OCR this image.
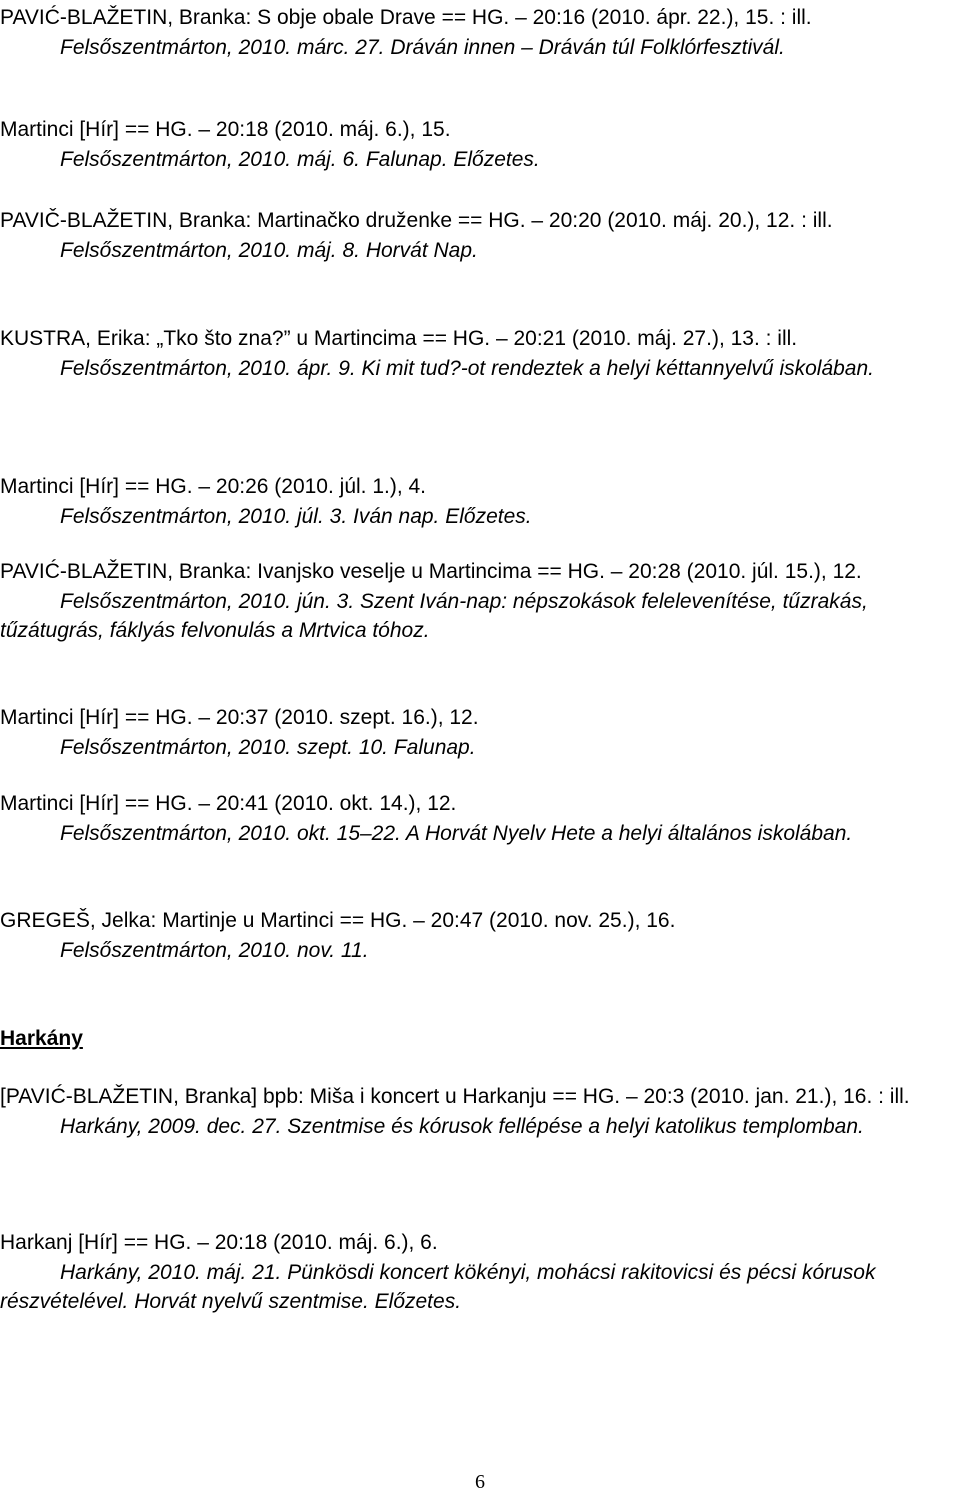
PAVIĆ-BLAŽETIN, Branka: S obje obale Drave == HG. – 20:16 (2010. ápr. 22.), 15. : ill.
Felsőszentmárton, 2010. márc. 27. Dráván innen – Dráván túl Folklórfesztivál.
Martinci [Hír] == HG. – 20:18 (2010. máj. 6.), 15.
Felsőszentmárton, 2010. máj. 6. Falunap. Előzetes.
PAVIČ-BLAŽETIN, Branka: Martinačko druženke == HG. – 20:20 (2010. máj. 20.), 12. : ill.
Felsőszentmárton, 2010. máj. 8. Horvát Nap.
KUSTRA, Erika: „Tko što zna?” u Martincima == HG. – 20:21 (2010. máj. 27.), 13. : ill.
Felsőszentmárton, 2010. ápr. 9. Ki mit tud?-ot rendeztek a helyi kéttannyelvű iskolában.
Martinci [Hír] == HG. – 20:26 (2010. júl. 1.), 4.
Felsőszentmárton, 2010. júl. 3. Iván nap. Előzetes.
PAVIĆ-BLAŽETIN, Branka: Ivanjsko veselje u Martincima == HG. – 20:28 (2010. júl. 15.), 12.
Felsőszentmárton, 2010. jún. 3. Szent Iván-nap: népszokások felelevenítése, tűzrakás, tűzátugrás, fáklyás felvonulás a Mrtvica tóhoz.
Martinci [Hír] == HG. – 20:37 (2010. szept. 16.), 12.
Felsőszentmárton, 2010. szept. 10. Falunap.
Martinci [Hír] == HG. – 20:41 (2010. okt. 14.), 12.
Felsőszentmárton, 2010. okt. 15–22. A Horvát Nyelv Hete a helyi általános iskolában.
GREGEŠ, Jelka: Martinje u Martinci == HG. – 20:47 (2010. nov. 25.), 16.
Felsőszentmárton, 2010. nov. 11.
Harkány
[PAVIĆ-BLAŽETIN, Branka] bpb: Miša i koncert u Harkanju == HG. – 20:3 (2010. jan. 21.), 16. : ill.
Harkány, 2009. dec. 27. Szentmise és kórusok fellépése a helyi katolikus templomban.
Harkanj [Hír] == HG. – 20:18 (2010. máj. 6.), 6.
Harkány, 2010. máj. 21. Pünkösdi koncert kökényi, mohácsi rakitovicsi és pécsi kórusok részvételével. Horvát nyelvű szentmise. Előzetes.
6
